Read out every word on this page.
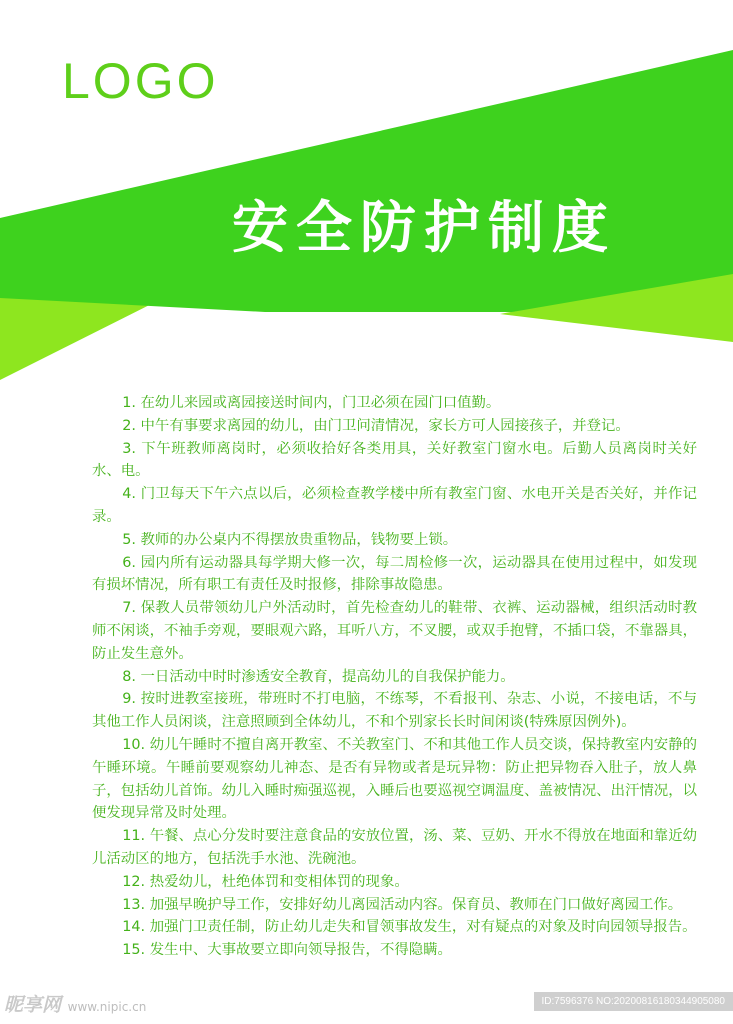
LOGO
安全防护制度

1. 在幼儿来园或离园接送时间内，门卫必须在园门口值勤。

2. 中午有事要求离园的幼儿，由门卫问清情况，家长方可人园接孩子，并登记。

3. 下午班教师离岗时，必须收拾好各类用具，关好教室门窗水电。后勤人员离岗时关好水、电。

4. 门卫每天下午六点以后，必须检查教学楼中所有教室门窗、水电开关是否关好，并作记录。

5. 教师的办公桌内不得摆放贵重物品，钱物要上锁。

6. 园内所有运动器具每学期大修一次，每二周检修一次，运动器具在使用过程中，如发现有损坏情况，所有职工有责任及时报修，排除事故隐患。

7. 保教人员带领幼儿户外活动时，首先检查幼儿的鞋带、衣裤、运动器械，组织活动时教师不闲谈，不袖手旁观，要眼观六路，耳听八方，不叉腰，或双手抱臂，不插口袋，不靠器具，防止发生意外。

8. 一日活动中时时渗透安全教育，提高幼儿的自我保护能力。

9. 按时进教室接班，带班时不打电脑，不练琴，不看报刊、杂志、小说，不接电话，不与其他工作人员闲谈，注意照顾到全体幼儿，不和个别家长长时间闲谈(特殊原因例外)。

10. 幼儿午睡时不擅自离开教室、不关教室门、不和其他工作人员交谈，保持教室内安静的午睡环境。午睡前要观察幼儿神态、是否有异物或者是玩异物：防止把异物吞入肚子，放人鼻子，包括幼儿首饰。幼儿入睡时痴强巡视，入睡后也要巡视空调温度、盖被情况、出汗情况，以便发现异常及时处理。

11. 午餐、点心分发时要注意食品的安放位置，汤、菜、豆奶、开水不得放在地面和靠近幼儿活动区的地方，包括洗手水池、洗碗池。

12. 热爱幼儿，杜绝体罚和变相体罚的现象。

13. 加强早晚护导工作，安排好幼儿离园活动内容。保育员、教师在门口做好离园工作。

14. 加强门卫责任制，防止幼儿走失和冒领事故发生，对有疑点的对象及时向园领导报告。

15. 发生中、大事故要立即向领导报告，不得隐瞒。

昵享网 www.nipic.cn	ID:7596376 NO:20200816180344905080
